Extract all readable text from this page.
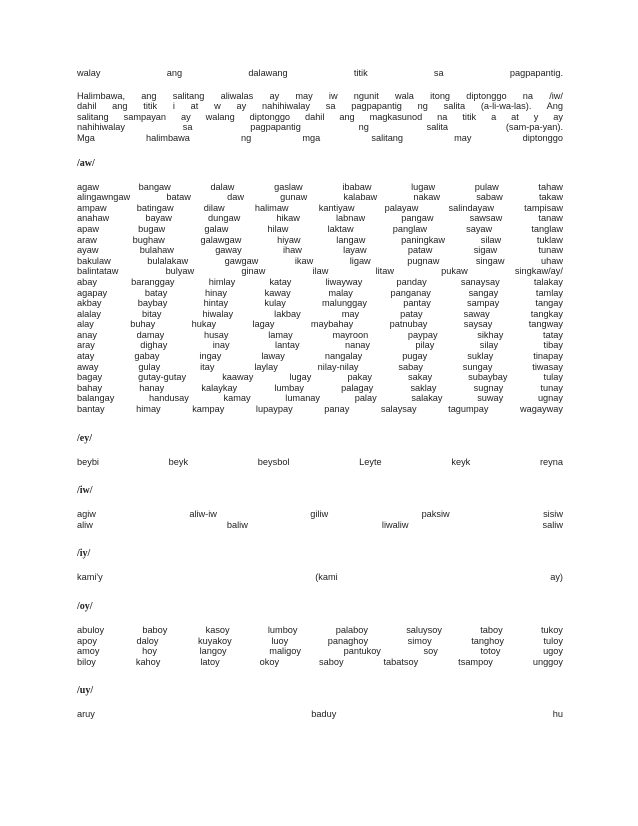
walay	ang	dalawang	titik	sa	pagpapantig.
Halimbawa, ang salitang aliwalas ay may iw ngunit wala itong diptonggo na /iw/
dahil ang titik i at w ay nahihiwalay sa pagpapantig ng salita (a-li-wa-las). Ang
salitang sampayan ay walang diptonggo dahil ang magkasunod na titik a at y ay
nahihiwalay sa pagpapantig ng salita (sam-pa-yan).
Mga halimbawa ng mga salitang may diptonggo
/aw/
agaw	bangaw	dalaw	gaslaw	ibabaw	lugaw	pulaw	tahaw
alingawngaw	bataw	daw	gunaw	kalabaw	nakaw	sabaw	takaw
ampaw	batingaw	dilaw	halimaw	kantiyaw	palayaw	salindayaw	tampisaw
anahaw	bayaw	dungaw	hikaw	labnaw	pangaw	sawsaw	tanaw
apaw	bugaw	galaw	hilaw	laktaw	panglaw	sayaw	tanglaw
araw	bughaw	galawgaw	hiyaw	langaw	paningkaw	silaw	tuklaw
ayaw	bulahaw	gaway	ihaw	layaw	pataw	sigaw	tunaw
bakulaw	bulalakaw	gawgaw	ikaw	ligaw	pugnaw	singaw	uhaw
balintataw	bulyaw	ginaw	ilaw	litaw	pukaw	singkaw/ay/
abay	baranggay	himlay	katay	liwayway	panday	sanaysay	talakay
agapay	batay	hinay	kaway	malay	panganay	sangay	tamlay
akbay	baybay	hintay	kulay	malunggay	pantay	sampay	tangay
alalay	bitay	hiwalay	lakbay	may	patay	saway	tangkay
alay	buhay	hukay	lagay	maybahay	patnubay	saysay	tangway
anay	damay	husay	lamay	mayroon	paypay	sikhay	tatay
aray	dighay	inay	lantay	nanay	pilay	silay	tibay
atay	gabay	ingay	laway	nangalay	pugay	suklay	tinapay
away	gulay	itay	laylay	nilay-nilay	sabay	sungay	tiwasay
bagay	gutay-gutay	kaaway	lugay	pakay	sakay	subaybay	tulay
bahay	hanay	kalaykay	lumbay	palagay	saklay	sugnay	tunay
balangay	handusay	kamay	lumanay	palay	salakay	suway	ugnay
bantay	himay	kampay	lupaypay	panay	salaysay	tagumpay	wagayway
/ey/
beybi	beyk	beysbol	Leyte	keyk	reyna
/iw/
agiw	aliw-iw	giliw	paksiw	sisiw
aliw	baliw	liwaliw	saliw
/iy/
kami'y	(kami	ay)
/oy/
abuloy	baboy	kasoy	lumboy	palaboy	saluysoy	taboy	tukoy
apoy	daloy	kuyakoy	luoy	panaghoy	simoy	tanghoy	tuloy
amoy	hoy	langoy	maligoy	pantukoy	soy	totoy	ugoy
biloy	kahoy	latoy	okoy	saboy	tabatsoy	tsampoy	unggoy
/uy/
aruy	baduy	hu
